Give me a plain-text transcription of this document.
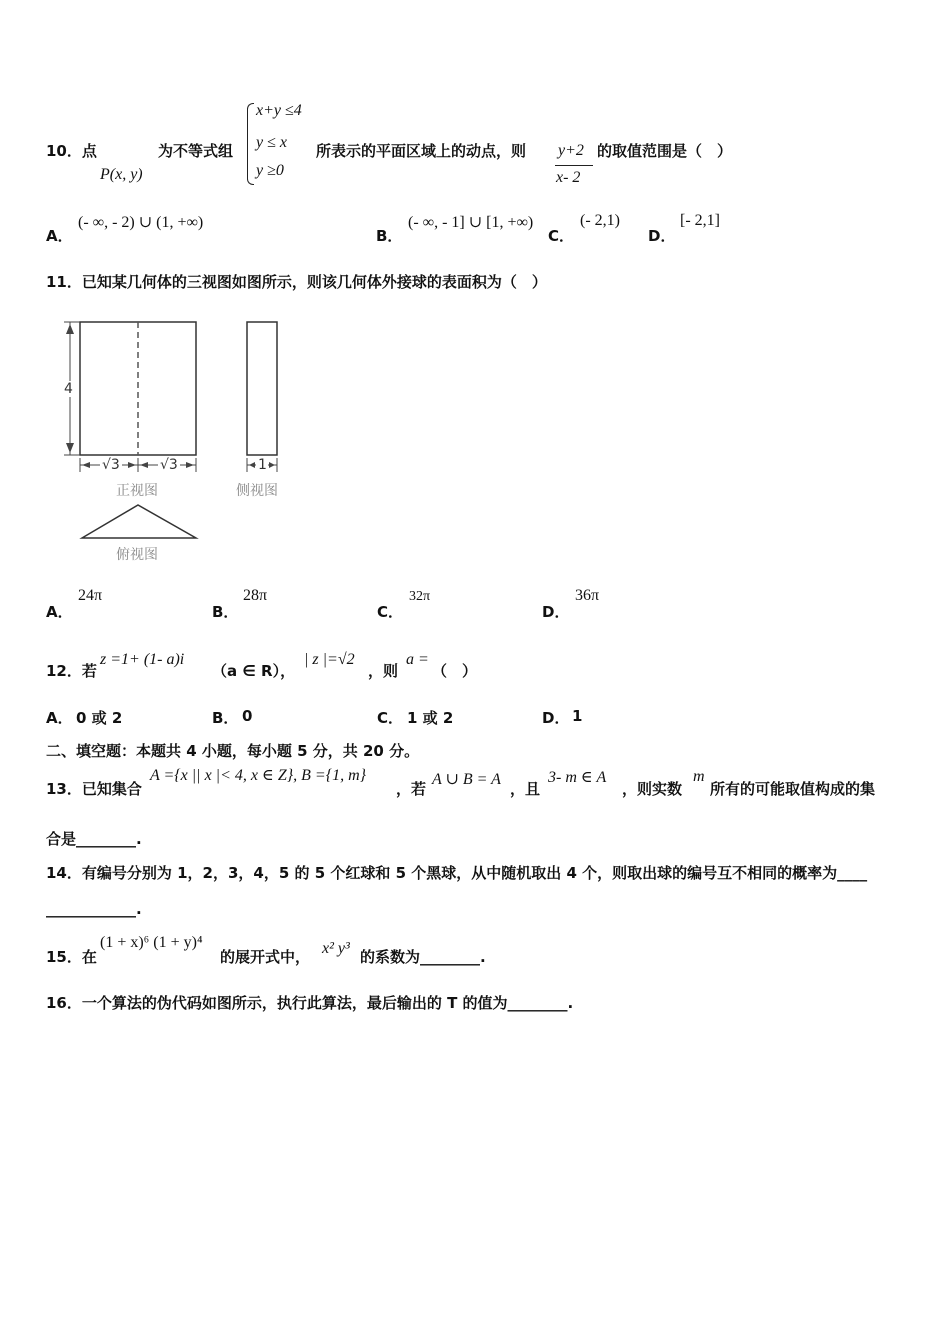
10．点
P(x, y)
为不等式组
x+y ≤4
y ≤ x
y ≥0
所表示的平面区域上的动点，则 y+2
x- 2
的取值范围是（　）
A．
(- ∞, - 2) ∪ (1, +∞)
B．
(- ∞, - 1] ∪ [1, +∞)
C．
(- 2,1)
D．
[- 2,1]
11．已知某几何体的三视图如图所示，则该几何体外接球的表面积为（　）
4
√3	√3	1
正视图	侧视图
俯视图
A．
24π
B．
28π
C．
32π
D．
36π
12．若
z =1+ (1- a)i
（a ∈ R），
| z |=√2
，则
a =
（　）
A． 0 或 2	B． 0	C． 1 或 2	D． 1
二、填空题：本题共 4 小题，每小题 5 分，共 20 分。
13．已知集合
A ={x || x |< 4, x ∈ Z}, B ={1, m}
，若
A ∪ B = A
，且
3- m ∈ A
，则实数
m
所有的可能取值构成的集
合是________.
14．有编号分别为 1，2，3，4，5 的 5 个红球和 5 个黑球，从中随机取出 4 个，则取出球的编号互不相同的概率为____
____________.
15．在
(1 + x)⁶ (1 + y)⁴
的展开式中， x² y³ 的系数为________.
16．一个算法的伪代码如图所示，执行此算法，最后输出的 T 的值为________.
